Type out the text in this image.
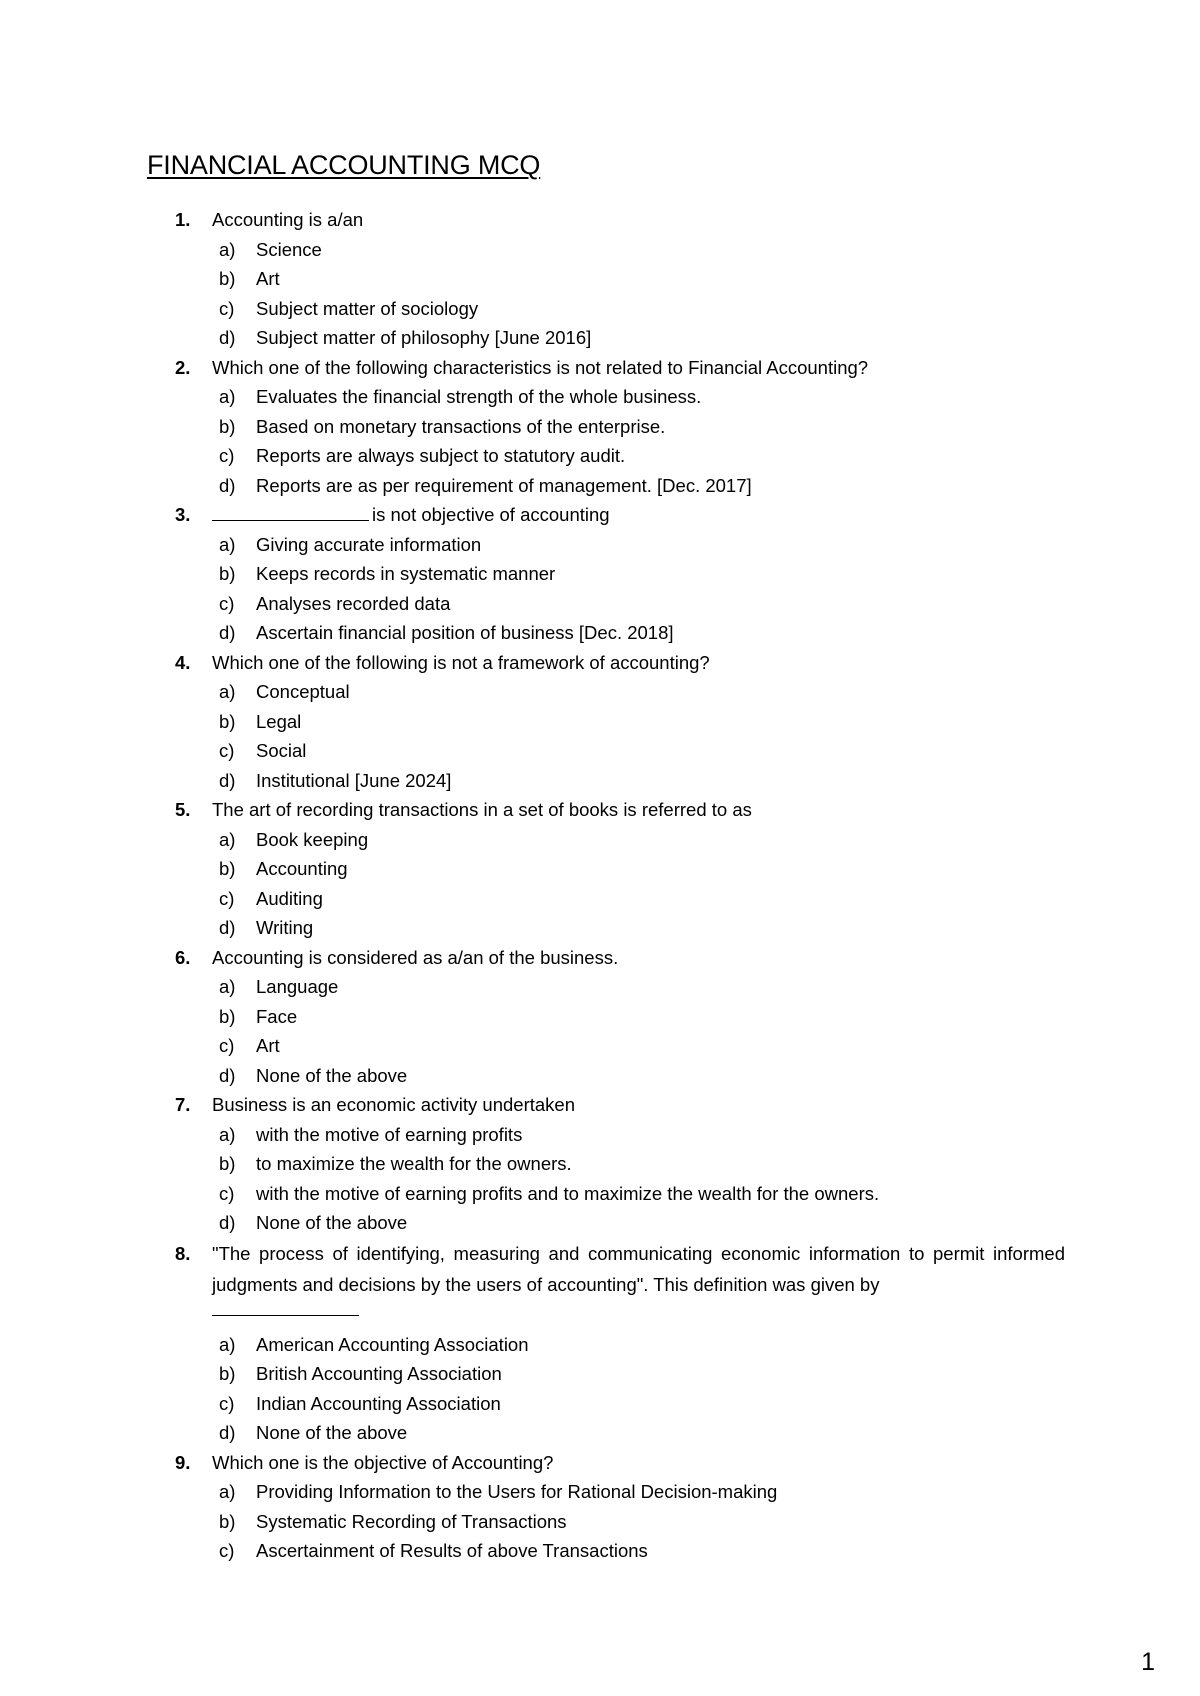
FINANCIAL ACCOUNTING MCQ
1.	Accounting is a/an
a)	Science
b)	Art
c)	Subject matter of sociology
d)	Subject matter of philosophy [June 2016]
2.	Which one of the following characteristics is not related to Financial Accounting?
a)	Evaluates the financial strength of the whole business.
b)	Based on monetary transactions of the enterprise.
c)	Reports are always subject to statutory audit.
d)	Reports are as per requirement of management. [Dec. 2017]
3.	is not objective of accounting
a)	Giving accurate information
b)	Keeps records in systematic manner
c)	Analyses recorded data
d)	Ascertain financial position of business [Dec. 2018]
4.	Which one of the following is not a framework of accounting?
a)	Conceptual
b)	Legal
c)	Social
d)	Institutional [June 2024]
5.	The art of recording transactions in a set of books is referred to as
a)	Book keeping
b)	Accounting
c)	Auditing
d)	Writing
6.	Accounting is considered as a/an of the business.
a)	Language
b)	Face
c)	Art
d)	None of the above
7.	Business is an economic activity undertaken
a)	with the motive of earning profits
b)	to maximize the wealth for the owners.
c)	with the motive of earning profits and to maximize the wealth for the owners.
d)	None of the above
8.	"The process of identifying, measuring and communicating economic information to permit informed judgments and decisions by the users of accounting". This definition was given by
a)	American Accounting Association
b)	British Accounting Association
c)	Indian Accounting Association
d)	None of the above
9.	Which one is the objective of Accounting?
a)	Providing Information to the Users for Rational Decision-making
b)	Systematic Recording of Transactions
c)	Ascertainment of Results of above Transactions
1
